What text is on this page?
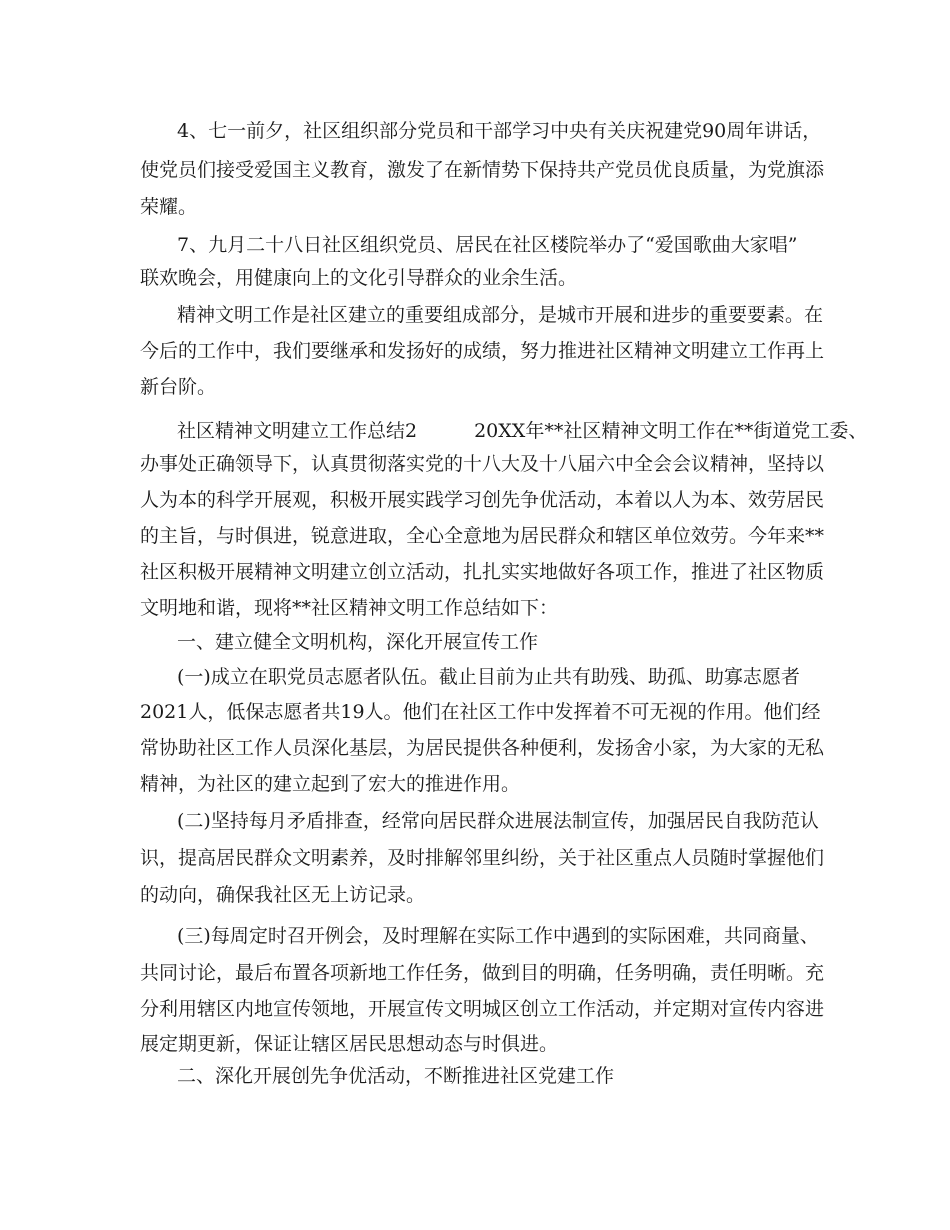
4、七一前夕，社区组织部分党员和干部学习中央有关庆祝建党90周年讲话，
使党员们接受爱国主义教育，激发了在新情势下保持共产党员优良质量，为党旗添
荣耀。
7、九月二十八日社区组织党员、居民在社区楼院举办了“爱国歌曲大家唱”
联欢晚会，用健康向上的文化引导群众的业余生活。
精神文明工作是社区建立的重要组成部分，是城市开展和进步的重要要素。在
今后的工作中，我们要继承和发扬好的成绩，努力推进社区精神文明建立工作再上
新台阶。
社区精神文明建立工作总结2　　　20XX年**社区精神文明工作在**街道党工委、
办事处正确领导下，认真贯彻落实党的十八大及十八届六中全会会议精神，坚持以
人为本的科学开展观，积极开展实践学习创先争优活动，本着以人为本、效劳居民
的主旨，与时俱进，锐意进取，全心全意地为居民群众和辖区单位效劳。今年来**
社区积极开展精神文明建立创立活动，扎扎实实地做好各项工作，推进了社区物质
文明地和谐，现将**社区精神文明工作总结如下：
一、建立健全文明机构，深化开展宣传工作
(一)成立在职党员志愿者队伍。截止目前为止共有助残、助孤、助寡志愿者
2021人，低保志愿者共19人。他们在社区工作中发挥着不可无视的作用。他们经
常协助社区工作人员深化基层，为居民提供各种便利，发扬舍小家，为大家的无私
精神，为社区的建立起到了宏大的推进作用。
(二)坚持每月矛盾排查，经常向居民群众进展法制宣传，加强居民自我防范认
识，提高居民群众文明素养，及时排解邻里纠纷，关于社区重点人员随时掌握他们
的动向，确保我社区无上访记录。
(三)每周定时召开例会，及时理解在实际工作中遇到的实际困难，共同商量、
共同讨论，最后布置各项新地工作任务，做到目的明确，任务明确，责任明晰。充
分利用辖区内地宣传领地，开展宣传文明城区创立工作活动，并定期对宣传内容进
展定期更新，保证让辖区居民思想动态与时俱进。
二、深化开展创先争优活动，不断推进社区党建工作
